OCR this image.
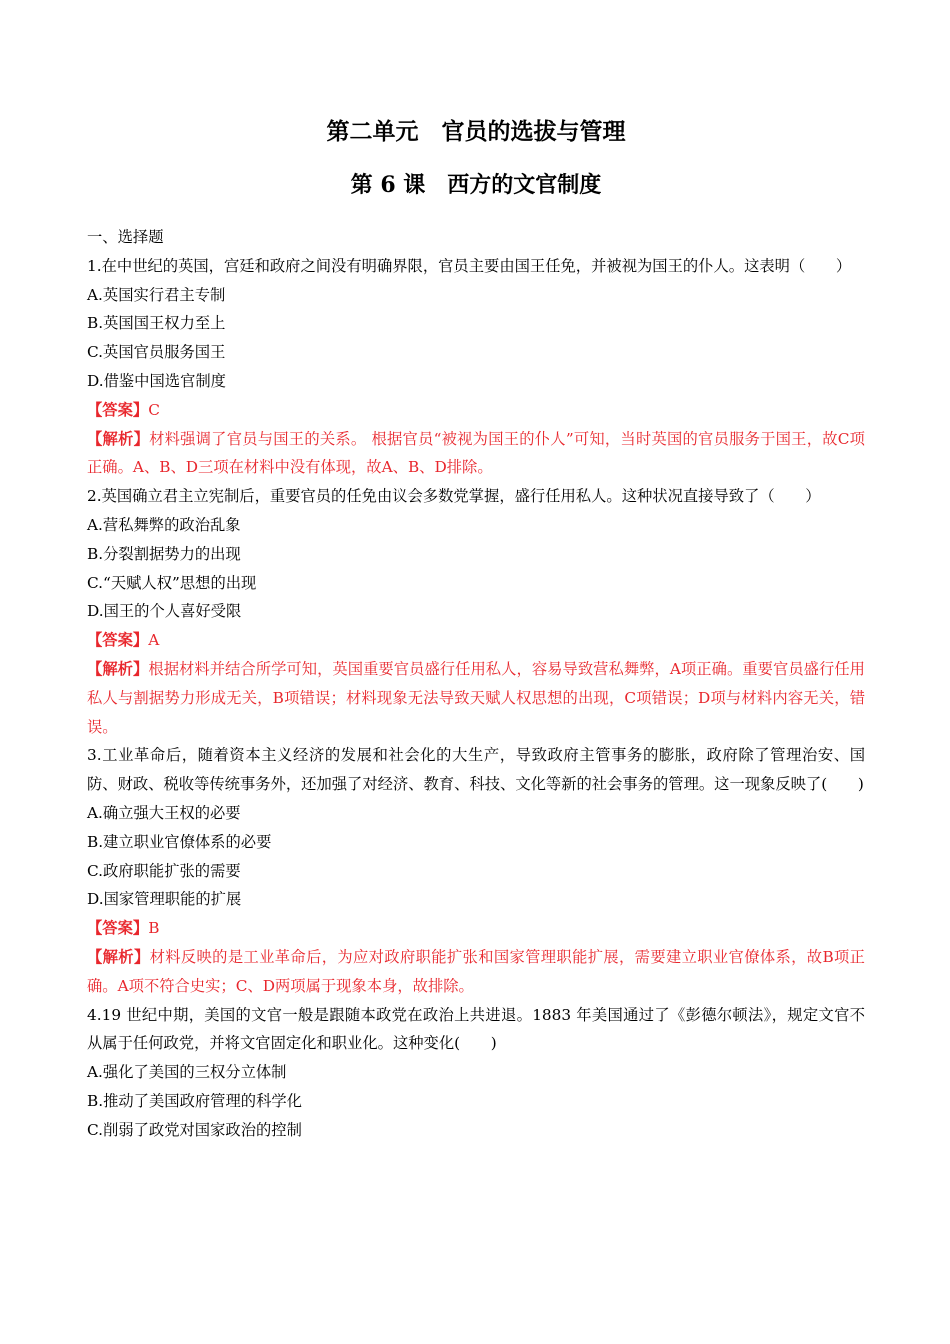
第二单元　官员的选拔与管理
第 6 课　西方的文官制度
一、选择题
1.在中世纪的英国，宫廷和政府之间没有明确界限，官员主要由国王任免，并被视为国王的仆人。这表明（　　）
A.英国实行君主专制
B.英国国王权力至上
C.英国官员服务国王
D.借鉴中国选官制度
【答案】C
【解析】材料强调了官员与国王的关系。 根据官员“被视为国王的仆人”可知，当时英国的官员服务于国王，故C项正确。A、B、D三项在材料中没有体现，故A、B、D排除。
2.英国确立君主立宪制后，重要官员的任免由议会多数党掌握，盛行任用私人。这种状况直接导致了（　　）
A.营私舞弊的政治乱象
B.分裂割据势力的出现
C.“天赋人权”思想的出现
D.国王的个人喜好受限
【答案】A
【解析】根据材料并结合所学可知，英国重要官员盛行任用私人，容易导致营私舞弊，A项正确。重要官员盛行任用私人与割据势力形成无关，B项错误；材料现象无法导致天赋人权思想的出现，C项错误；D项与材料内容无关，错误。
3.工业革命后，随着资本主义经济的发展和社会化的大生产，导致政府主管事务的膨胀，政府除了管理治安、国防、财政、税收等传统事务外，还加强了对经济、教育、科技、文化等新的社会事务的管理。这一现象反映了(　　)
A.确立强大王权的必要
B.建立职业官僚体系的必要
C.政府职能扩张的需要
D.国家管理职能的扩展
【答案】B
【解析】材料反映的是工业革命后，为应对政府职能扩张和国家管理职能扩展，需要建立职业官僚体系，故B项正确。A项不符合史实；C、D两项属于现象本身，故排除。
4.19 世纪中期，美国的文官一般是跟随本政党在政治上共进退。1883 年美国通过了《彭德尔顿法》，规定文官不从属于任何政党，并将文官固定化和职业化。这种变化(　　)
A.强化了美国的三权分立体制
B.推动了美国政府管理的科学化
C.削弱了政党对国家政治的控制
